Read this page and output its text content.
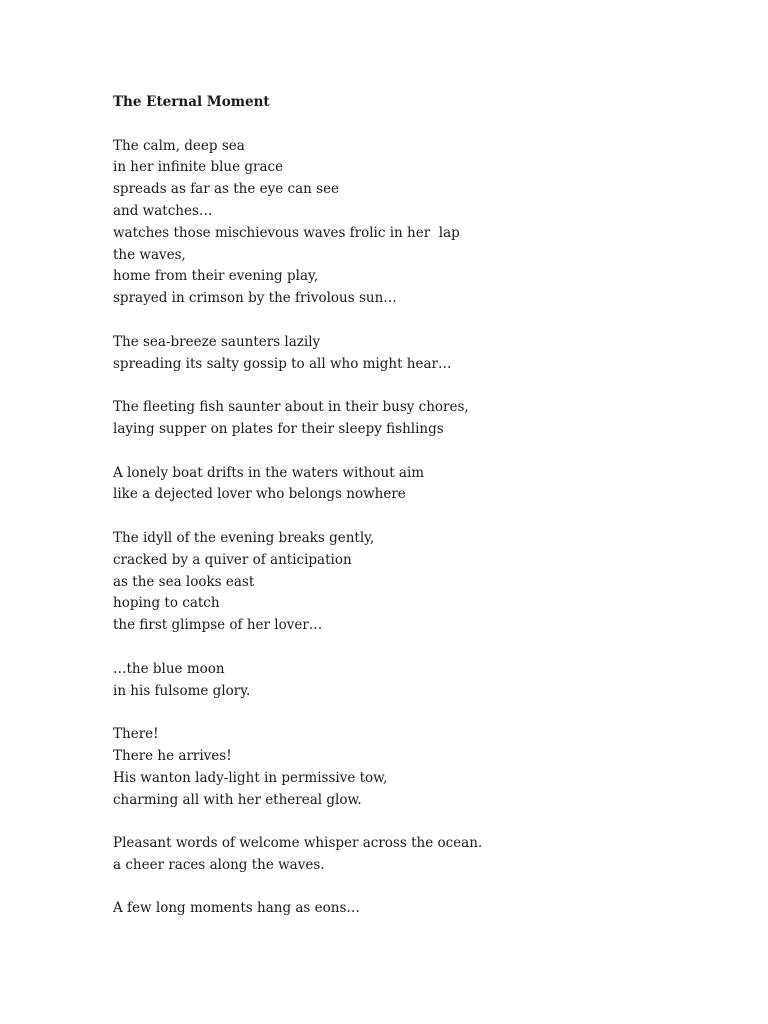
The Eternal Moment
The calm, deep sea
in her infinite blue grace
spreads as far as the eye can see
and watches…
watches those mischievous waves frolic in her  lap
the waves,
home from their evening play,
sprayed in crimson by the frivolous sun…
The sea-breeze saunters lazily
spreading its salty gossip to all who might hear…
The fleeting fish saunter about in their busy chores,
laying supper on plates for their sleepy fishlings
A lonely boat drifts in the waters without aim
like a dejected lover who belongs nowhere
The idyll of the evening breaks gently,
cracked by a quiver of anticipation
as the sea looks east
hoping to catch
the first glimpse of her lover…
…the blue moon
in his fulsome glory.
There!
There he arrives!
His wanton lady-light in permissive tow,
charming all with her ethereal glow.
Pleasant words of welcome whisper across the ocean.
a cheer races along the waves.
A few long moments hang as eons…
